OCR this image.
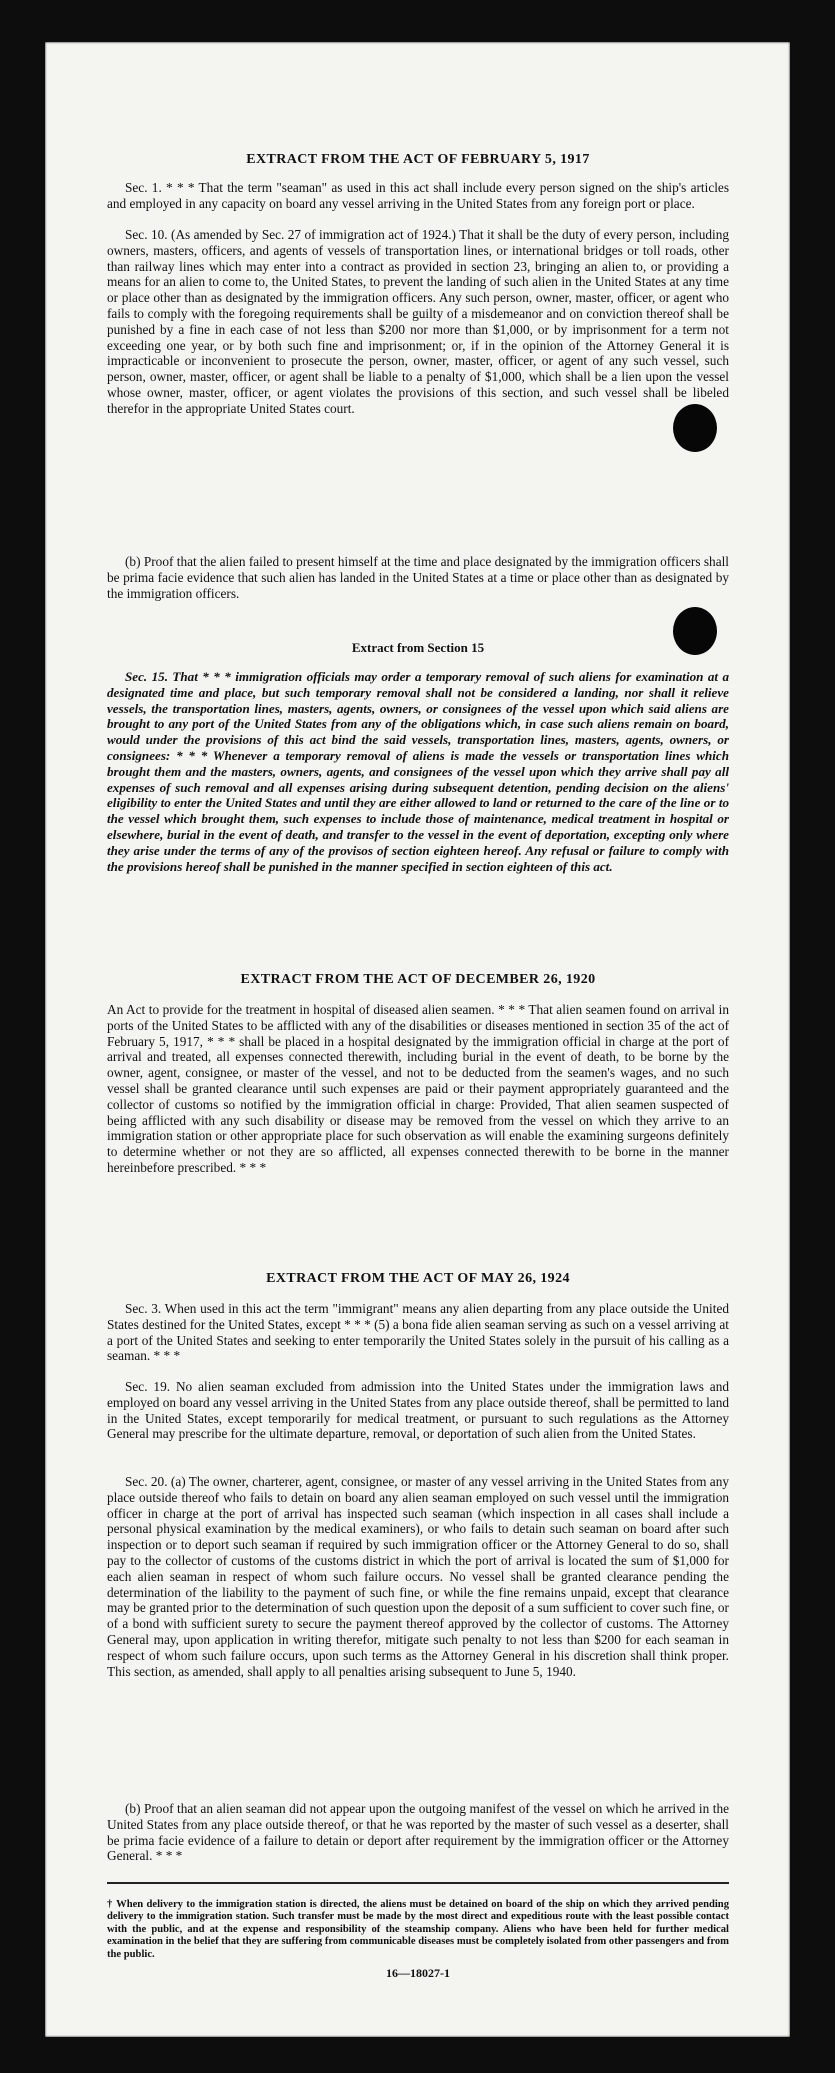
EXTRACT FROM THE ACT OF FEBRUARY 5, 1917

Sec. 1. * * * That the term "seaman" as used in this act shall include every person signed on the ship's articles and employed in any capacity on board any vessel arriving in the United States from any foreign port or place.

Sec. 10. (As amended by Sec. 27 of immigration act of 1924.) That it shall be the duty of every person, including owners, masters, officers, and agents of vessels of transportation lines, or international bridges or toll roads, other than railway lines which may enter into a contract as provided in section 23, bringing an alien to, or providing a means for an alien to come to, the United States, to prevent the landing of such alien in the United States at any time or place other than as designated by the immigration officers. Any such person, owner, master, officer, or agent who fails to comply with the foregoing requirements shall be guilty of a misdemeanor and on conviction thereof shall be punished by a fine in each case of not less than $200 nor more than $1,000, or by imprisonment for a term not exceeding one year, or by both such fine and imprisonment; or, if in the opinion of the Attorney General it is impracticable or inconvenient to prosecute the person, owner, master, officer, or agent of any such vessel, such person, owner, master, officer, or agent shall be liable to a penalty of $1,000, which shall be a lien upon the vessel whose owner, master, officer, or agent violates the provisions of this section, and such vessel shall be libeled therefor in the appropriate United States court.

(b) Proof that the alien failed to present himself at the time and place designated by the immigration officers shall be prima facie evidence that such alien has landed in the United States at a time or place other than as designated by the immigration officers.

Extract from Section 15

Sec. 15. That * * * immigration officials may order a temporary removal of such aliens for examination at a designated time and place, but such temporary removal shall not be considered a landing, nor shall it relieve vessels, the transportation lines, masters, agents, owners, or consignees of the vessel upon which said aliens are brought to any port of the United States from any of the obligations which, in case such aliens remain on board, would under the provisions of this act bind the said vessels, transportation lines, masters, agents, owners, or consignees: * * * Whenever a temporary removal of aliens is made the vessels or transportation lines which brought them and the masters, owners, agents, and consignees of the vessel upon which they arrive shall pay all expenses of such removal and all expenses arising during subsequent detention, pending decision on the aliens' eligibility to enter the United States and until they are either allowed to land or returned to the care of the line or to the vessel which brought them, such expenses to include those of maintenance, medical treatment in hospital or elsewhere, burial in the event of death, and transfer to the vessel in the event of deportation, excepting only where they arise under the terms of any of the provisos of section eighteen hereof. Any refusal or failure to comply with the provisions hereof shall be punished in the manner specified in section eighteen of this act.

EXTRACT FROM THE ACT OF DECEMBER 26, 1920

An Act to provide for the treatment in hospital of diseased alien seamen. * * * That alien seamen found on arrival in ports of the United States to be afflicted with any of the disabilities or diseases mentioned in section 35 of the act of February 5, 1917, * * * shall be placed in a hospital designated by the immigration official in charge at the port of arrival and treated, all expenses connected therewith, including burial in the event of death, to be borne by the owner, agent, consignee, or master of the vessel, and not to be deducted from the seamen's wages, and no such vessel shall be granted clearance until such expenses are paid or their payment appropriately guaranteed and the collector of customs so notified by the immigration official in charge: Provided, That alien seamen suspected of being afflicted with any such disability or disease may be removed from the vessel on which they arrive to an immigration station or other appropriate place for such observation as will enable the examining surgeons definitely to determine whether or not they are so afflicted, all expenses connected therewith to be borne in the manner hereinbefore prescribed. * * *

EXTRACT FROM THE ACT OF MAY 26, 1924

Sec. 3. When used in this act the term "immigrant" means any alien departing from any place outside the United States destined for the United States, except * * * (5) a bona fide alien seaman serving as such on a vessel arriving at a port of the United States and seeking to enter temporarily the United States solely in the pursuit of his calling as a seaman. * * *

Sec. 19. No alien seaman excluded from admission into the United States under the immigration laws and employed on board any vessel arriving in the United States from any place outside thereof, shall be permitted to land in the United States, except temporarily for medical treatment, or pursuant to such regulations as the Attorney General may prescribe for the ultimate departure, removal, or deportation of such alien from the United States.

Sec. 20. (a) The owner, charterer, agent, consignee, or master of any vessel arriving in the United States from any place outside thereof who fails to detain on board any alien seaman employed on such vessel until the immigration officer in charge at the port of arrival has inspected such seaman (which inspection in all cases shall include a personal physical examination by the medical examiners), or who fails to detain such seaman on board after such inspection or to deport such seaman if required by such immigration officer or the Attorney General to do so, shall pay to the collector of customs of the customs district in which the port of arrival is located the sum of $1,000 for each alien seaman in respect of whom such failure occurs. No vessel shall be granted clearance pending the determination of the liability to the payment of such fine, or while the fine remains unpaid, except that clearance may be granted prior to the determination of such question upon the deposit of a sum sufficient to cover such fine, or of a bond with sufficient surety to secure the payment thereof approved by the collector of customs. The Attorney General may, upon application in writing therefor, mitigate such penalty to not less than $200 for each seaman in respect of whom such failure occurs, upon such terms as the Attorney General in his discretion shall think proper. This section, as amended, shall apply to all penalties arising subsequent to June 5, 1940.

(b) Proof that an alien seaman did not appear upon the outgoing manifest of the vessel on which he arrived in the United States from any place outside thereof, or that he was reported by the master of such vessel as a deserter, shall be prima facie evidence of a failure to detain or deport after requirement by the immigration officer or the Attorney General. * * *

† When delivery to the immigration station is directed, the aliens must be detained on board of the ship on which they arrived pending delivery to the immigration station. Such transfer must be made by the most direct and expeditious route with the least possible contact with the public, and at the expense and responsibility of the steamship company. Aliens who have been held for further medical examination in the belief that they are suffering from communicable diseases must be completely isolated from other passengers and from the public.

16—18027-1
